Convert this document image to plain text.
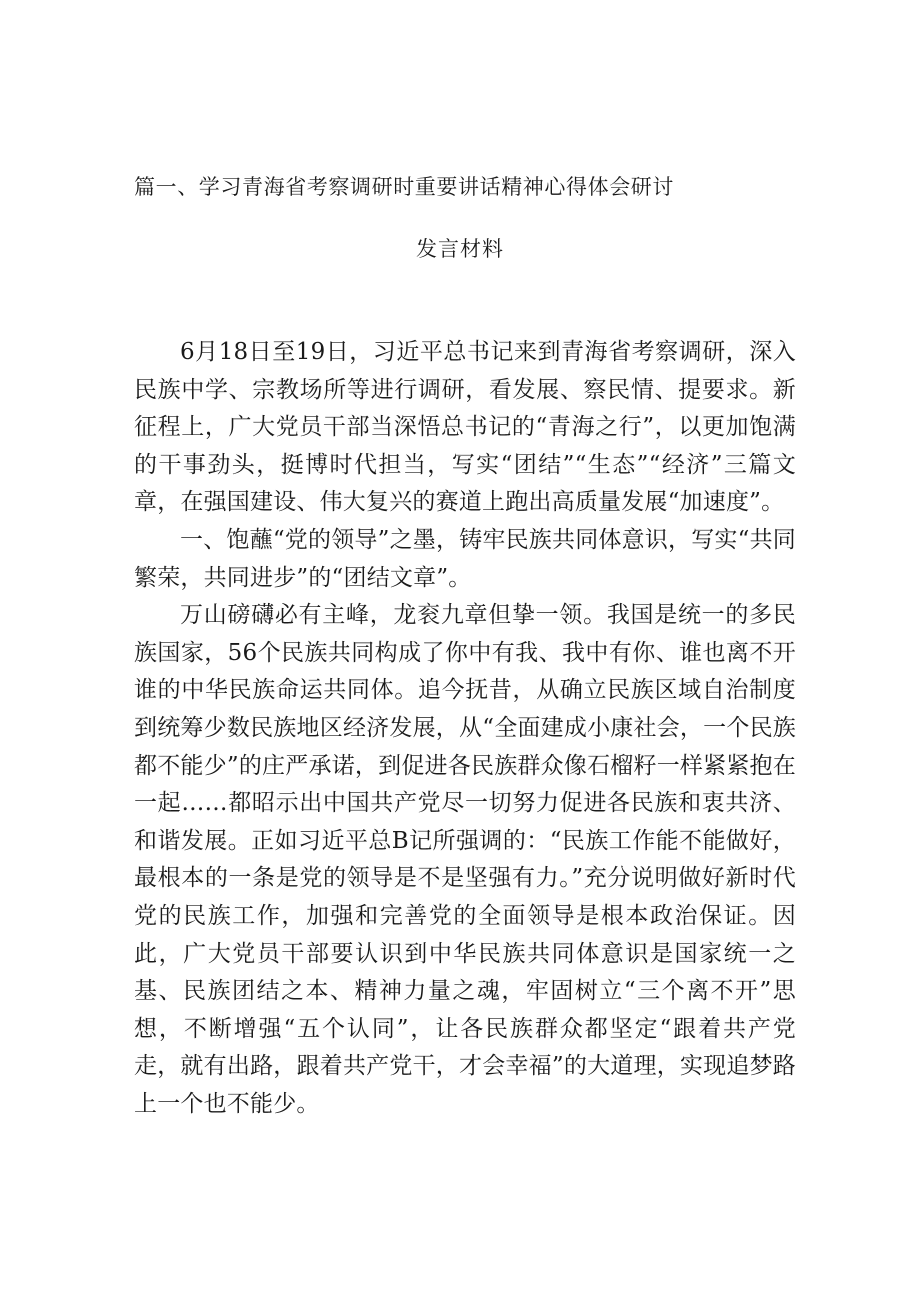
篇一、学习青海省考察调研时重要讲话精神心得体会研讨
发言材料

6月18日至19日，习近平总书记来到青海省考察调研，深入民族中学、宗教场所等进行调研，看发展、察民情、提要求。新征程上，广大党员干部当深悟总书记的“青海之行”，以更加饱满的干事劲头，挺博时代担当，写实“团结”“生态”“经济”三篇文章，在强国建设、伟大复兴的赛道上跑出高质量发展“加速度”。

一、饱蘸“党的领导”之墨，铸牢民族共同体意识，写实“共同繁荣，共同进步”的“团结文章”。

万山磅礴必有主峰，龙衮九章但挚一领。我国是统一的多民族国家，56个民族共同构成了你中有我、我中有你、谁也离不开谁的中华民族命运共同体。追今抚昔，从确立民族区域自治制度到统筹少数民族地区经济发展，从“全面建成小康社会，一个民族都不能少”的庄严承诺，到促进各民族群众像石榴籽一样紧紧抱在一起……都昭示出中国共产党尽一切努力促进各民族和衷共济、和谐发展。正如习近平总B记所强调的：“民族工作能不能做好，最根本的一条是党的领导是不是坚强有力。”充分说明做好新时代党的民族工作，加强和完善党的全面领导是根本政治保证。因此，广大党员干部要认识到中华民族共同体意识是国家统一之基、民族团结之本、精神力量之魂，牢固树立“三个离不开”思想，不断增强“五个认同”，让各民族群众都坚定“跟着共产党走，就有出路，跟着共产党干，才会幸福”的大道理，实现追梦路上一个也不能少。
